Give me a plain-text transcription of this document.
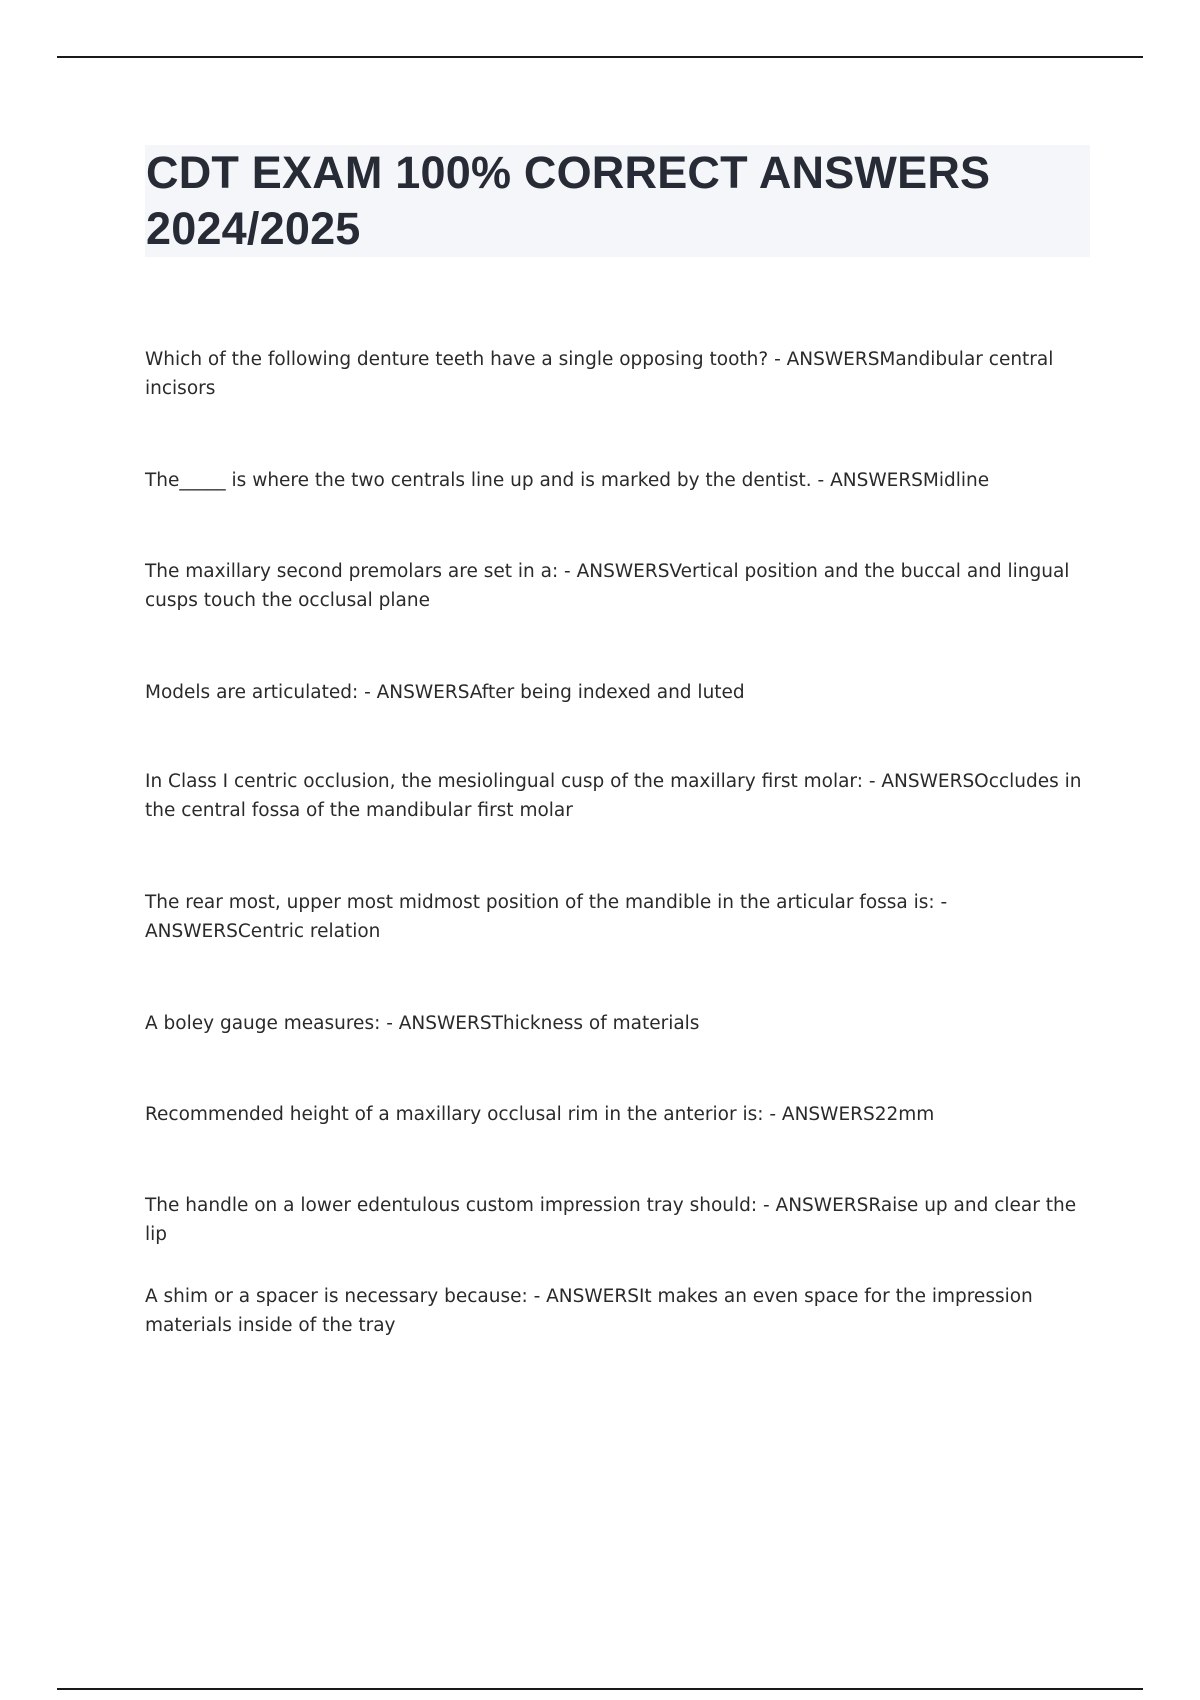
CDT EXAM 100% CORRECT ANSWERS 2024/2025

Which of the following denture teeth have a single opposing tooth? - ANSWERSMandibular central incisors

The_____ is where the two centrals line up and is marked by the dentist. - ANSWERSMidline

The maxillary second premolars are set in a: - ANSWERSVertical position and the buccal and lingual cusps touch the occlusal plane

Models are articulated: - ANSWERSAfter being indexed and luted

In Class I centric occlusion, the mesiolingual cusp of the maxillary first molar: - ANSWERSOccludes in the central fossa of the mandibular first molar

The rear most, upper most midmost position of the mandible in the articular fossa is: - ANSWERSCentric relation

A boley gauge measures: - ANSWERSThickness of materials

Recommended height of a maxillary occlusal rim in the anterior is: - ANSWERS22mm

The handle on a lower edentulous custom impression tray should: - ANSWERSRaise up and clear the lip

A shim or a spacer is necessary because: - ANSWERSIt makes an even space for the impression materials inside of the tray
